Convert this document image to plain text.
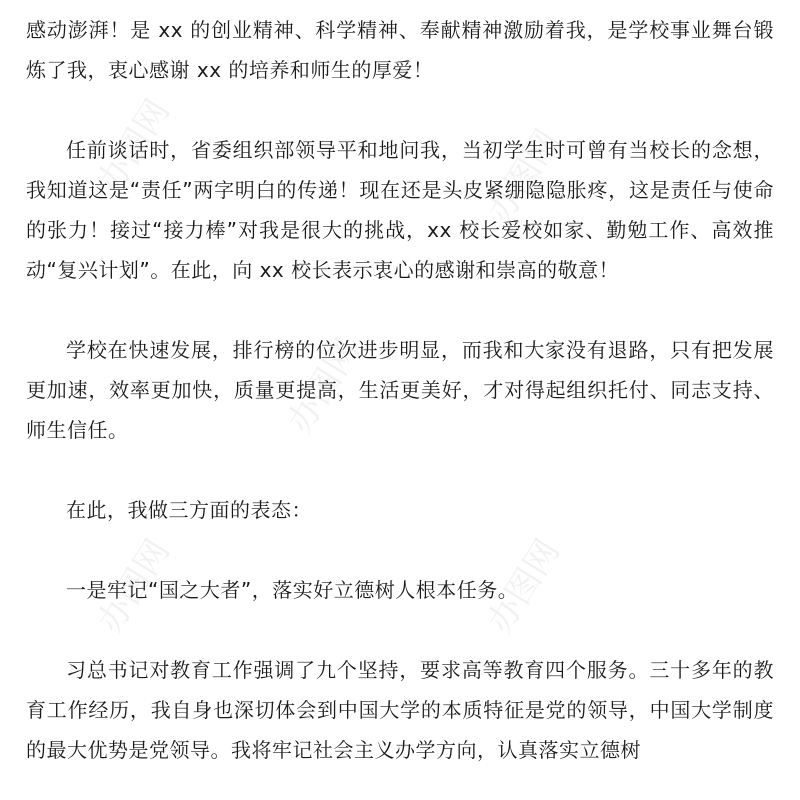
办图网	办图网
办图网
办图网	办图网

感动澎湃！是 xx 的创业精神、科学精神、奉献精神激励着我，是学校事业舞台锻炼了我，衷心感谢 xx 的培养和师生的厚爱！

任前谈话时，省委组织部领导平和地问我，当初学生时可曾有当校长的念想，我知道这是“责任”两字明白的传递！现在还是头皮紧绷隐隐胀疼，这是责任与使命的张力！接过“接力棒”对我是很大的挑战，xx 校长爱校如家、勤勉工作、高效推动“复兴计划”。在此，向 xx 校长表示衷心的感谢和崇高的敬意！

学校在快速发展，排行榜的位次进步明显，而我和大家没有退路，只有把发展更加速，效率更加快，质量更提高，生活更美好，才对得起组织托付、同志支持、师生信任。

在此，我做三方面的表态：

一是牢记“国之大者”，落实好立德树人根本任务。

习总书记对教育工作强调了九个坚持，要求高等教育四个服务。三十多年的教育工作经历，我自身也深切体会到中国大学的本质特征是党的领导，中国大学制度的最大优势是党领导。我将牢记社会主义办学方向，认真落实立德树
